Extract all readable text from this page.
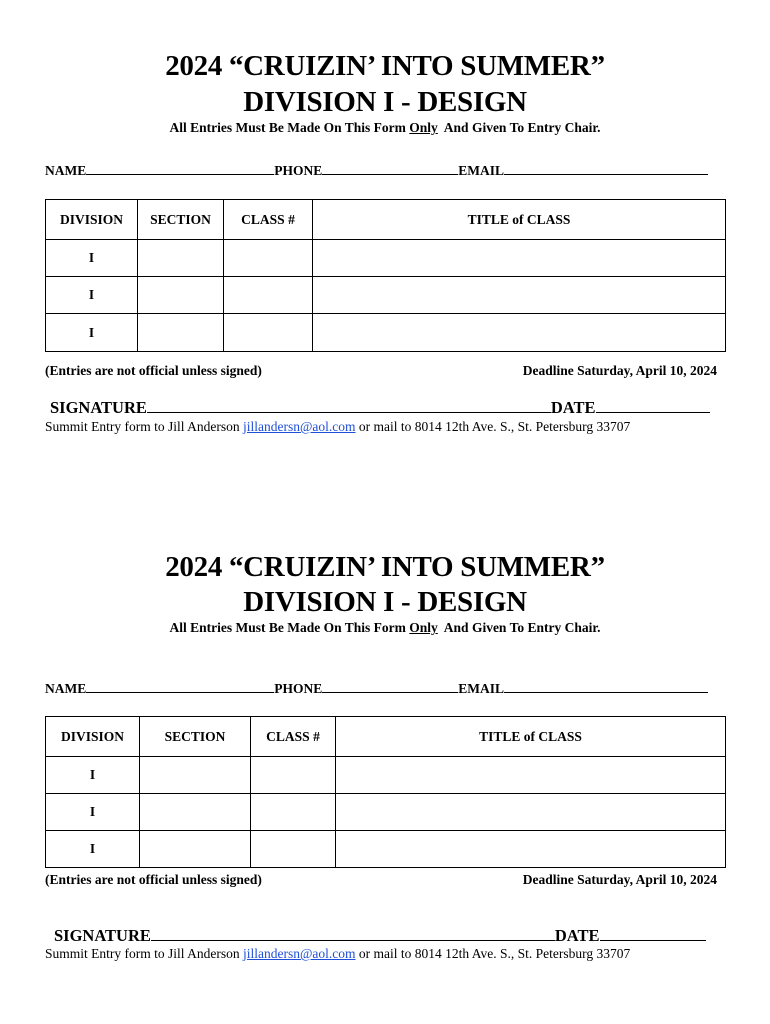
2024 “CRUIZIN’ INTO SUMMER”
DIVISION I - DESIGN
All Entries Must Be Made On This Form Only  And Given To Entry Chair.
NAME	PHONE	EMAIL
DIVISION	SECTION	CLASS #	TITLE of CLASS
I			
I			
I			
(Entries are not official unless signed)	Deadline Saturday, April 10, 2024
SIGNATURE	DATE
Summit Entry form to Jill Anderson jillandersn@aol.com or mail to 8014 12th Ave. S., St. Petersburg 33707
2024 “CRUIZIN’ INTO SUMMER”
DIVISION I - DESIGN
All Entries Must Be Made On This Form Only  And Given To Entry Chair.
NAME	PHONE	EMAIL
DIVISION	SECTION	CLASS #	TITLE of CLASS
I			
I			
I			
(Entries are not official unless signed)	Deadline Saturday, April 10, 2024
SIGNATURE	DATE
Summit Entry form to Jill Anderson jillandersn@aol.com or mail to 8014 12th Ave. S., St. Petersburg 33707
